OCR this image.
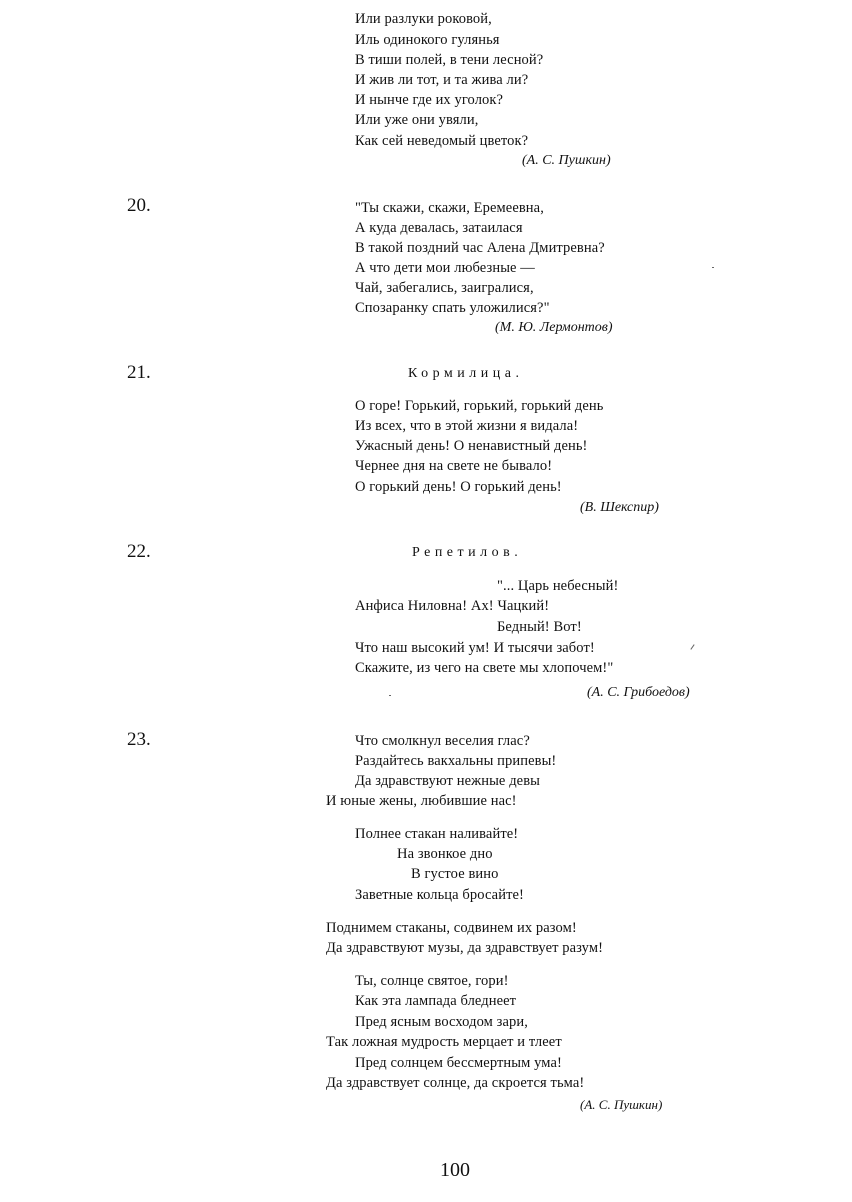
Или разлуки роковой,
Иль одинокого гулянья
В тиши полей, в тени лесной?
И жив ли тот, и та жива ли?
И нынче где их уголок?
Или уже они увяли,
Как сей неведомый цветок?
(А. С. Пушкин)
20.	"Ты скажи, скажи, Еремеевна,
А куда девалась, затаилася
В такой поздний час Алена Дмитревна?
А что дети мои любезные —
Чай, забегались, заигралися,
Спозаранку спать уложилися?"
(М. Ю. Лермонтов)
21.	Кормилица.
О горе! Горький, горький, горький день
Из всех, что в этой жизни я видала!
Ужасный день! О ненавистный день!
Чернее дня на свете не бывало!
О горький день! О горький день!
(В. Шекспир)
22.	Репетилов.
"... Царь небесный!
Анфиса Ниловна! Ах! Чацкий!
Бедный! Вот!
Что наш высокий ум! И тысячи забот!
Скажите, из чего на свете мы хлопочем!"
(А. С. Грибоедов)
23.	Что смолкнул веселия глас?
Раздайтесь вакхальны припевы!
Да здравствуют нежные девы
И юные жены, любившие нас!
Полнее стакан наливайте!
На звонкое дно
В густое вино
Заветные кольца бросайте!
Поднимем стаканы, содвинем их разом!
Да здравствуют музы, да здравствует разум!
Ты, солнце святое, гори!
Как эта лампада бледнеет
Пред ясным восходом зари,
Так ложная мудрость мерцает и тлеет
Пред солнцем бессмертным ума!
Да здравствует солнце, да скроется тьма!
(А. С. Пушкин)
100
